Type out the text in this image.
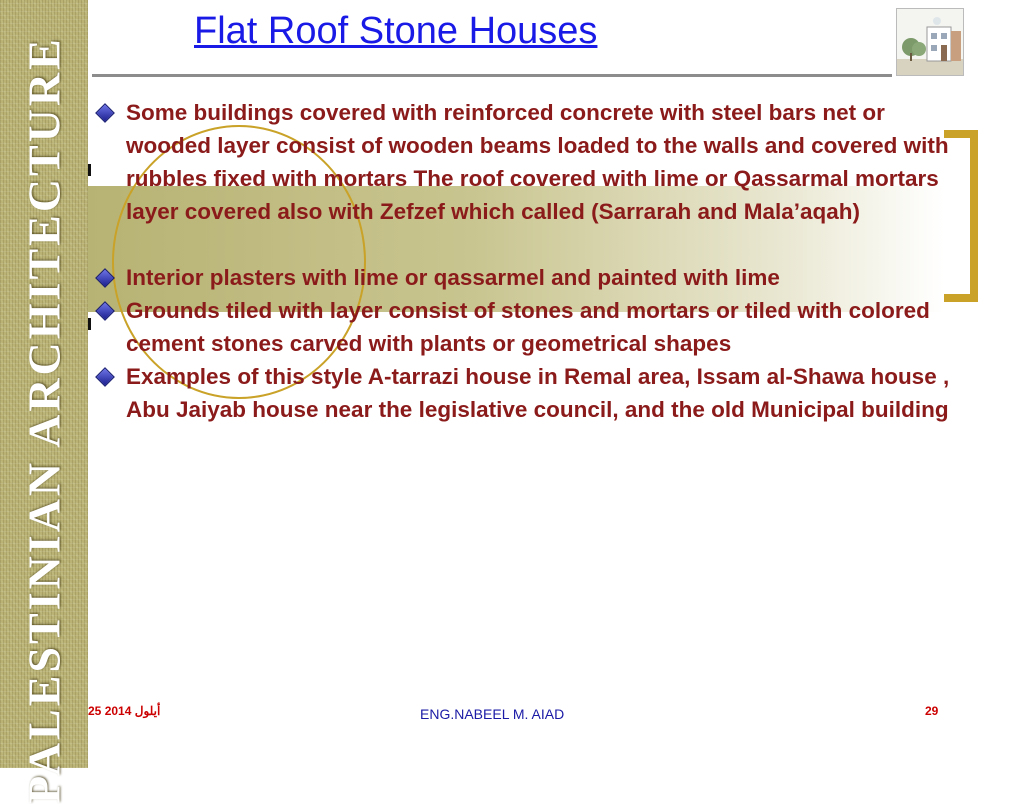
PALESTINIAN ARCHITECTURE
Flat Roof Stone Houses
Some buildings covered with reinforced concrete with steel bars net or wooded layer consist of wooden beams loaded to the walls and covered with rubbles fixed with mortars The roof covered with lime or Qassarmal mortars layer covered also with Zefzef which called (Sarrarah and Mala’aqah)
Interior plasters with lime or qassarmel and painted with lime
Grounds tiled with layer consist of stones and mortars or tiled with colored cement stones carved with plants or geometrical shapes
Examples of this style A-tarrazi house in Remal area, Issam al-Shawa house , Abu Jaiyab house near the legislative council, and the old Municipal building
25 أيلول 2014	ENG.NABEEL M. AIAD	29
